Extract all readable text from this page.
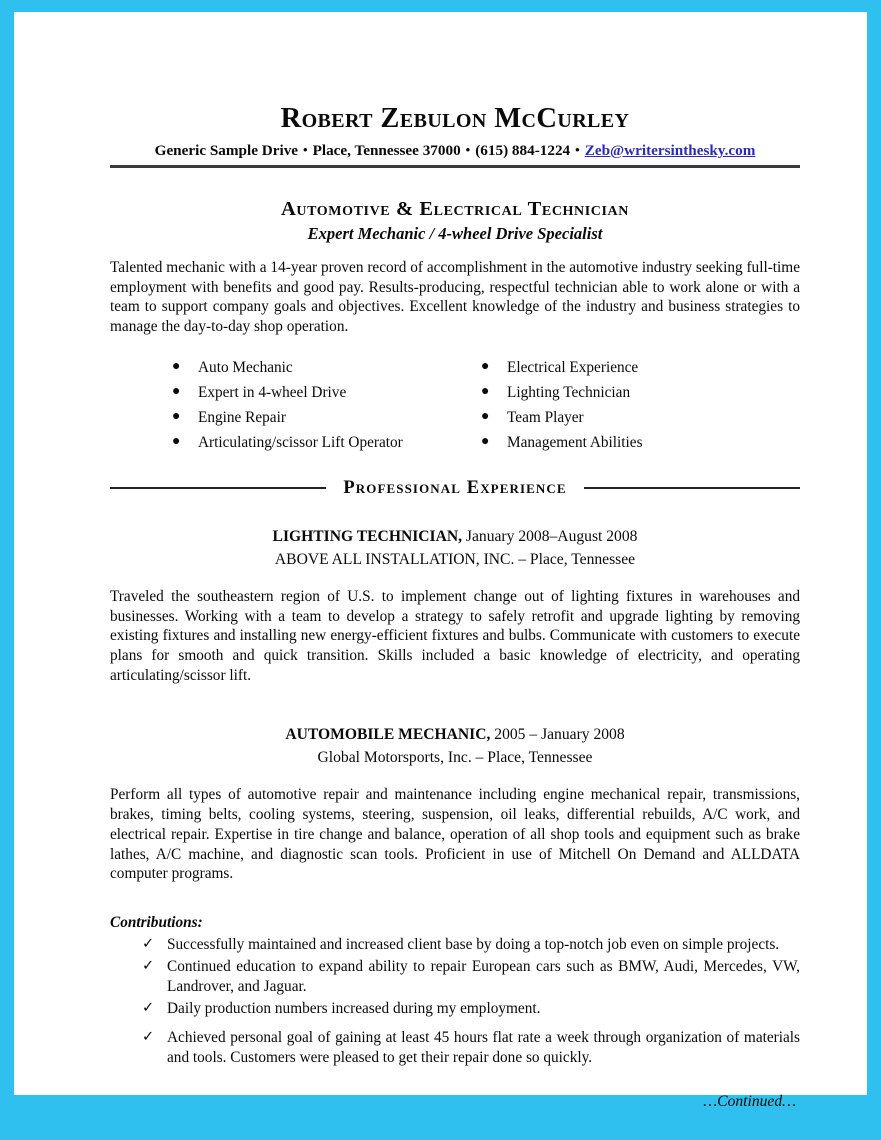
Robert Zebulon McCurley
Generic Sample Drive • Place, Tennessee 37000 • (615) 884-1224 • Zeb@writersinthesky.com
Automotive & Electrical Technician
Expert Mechanic / 4-wheel Drive Specialist
Talented mechanic with a 14-year proven record of accomplishment in the automotive industry seeking full-time employment with benefits and good pay. Results-producing, respectful technician able to work alone or with a team to support company goals and objectives. Excellent knowledge of the industry and business strategies to manage the day-to-day shop operation.
● Auto Mechanic
● Expert in 4-wheel Drive
● Engine Repair
● Articulating/scissor Lift Operator
● Electrical Experience
● Lighting Technician
● Team Player
● Management Abilities
Professional Experience
LIGHTING TECHNICIAN, January 2008–August 2008
ABOVE ALL INSTALLATION, INC. – Place, Tennessee
Traveled the southeastern region of U.S. to implement change out of lighting fixtures in warehouses and businesses. Working with a team to develop a strategy to safely retrofit and upgrade lighting by removing existing fixtures and installing new energy-efficient fixtures and bulbs. Communicate with customers to execute plans for smooth and quick transition. Skills included a basic knowledge of electricity, and operating articulating/scissor lift.
AUTOMOBILE MECHANIC, 2005 – January 2008
Global Motorsports, Inc. – Place, Tennessee
Perform all types of automotive repair and maintenance including engine mechanical repair, transmissions, brakes, timing belts, cooling systems, steering, suspension, oil leaks, differential rebuilds, A/C work, and electrical repair. Expertise in tire change and balance, operation of all shop tools and equipment such as brake lathes, A/C machine, and diagnostic scan tools. Proficient in use of Mitchell On Demand and ALLDATA computer programs.
Contributions:
✓ Successfully maintained and increased client base by doing a top-notch job even on simple projects.
✓ Continued education to expand ability to repair European cars such as BMW, Audi, Mercedes, VW, Landrover, and Jaguar.
✓ Daily production numbers increased during my employment.
✓ Achieved personal goal of gaining at least 45 hours flat rate a week through organization of materials and tools. Customers were pleased to get their repair done so quickly.
…Continued…
